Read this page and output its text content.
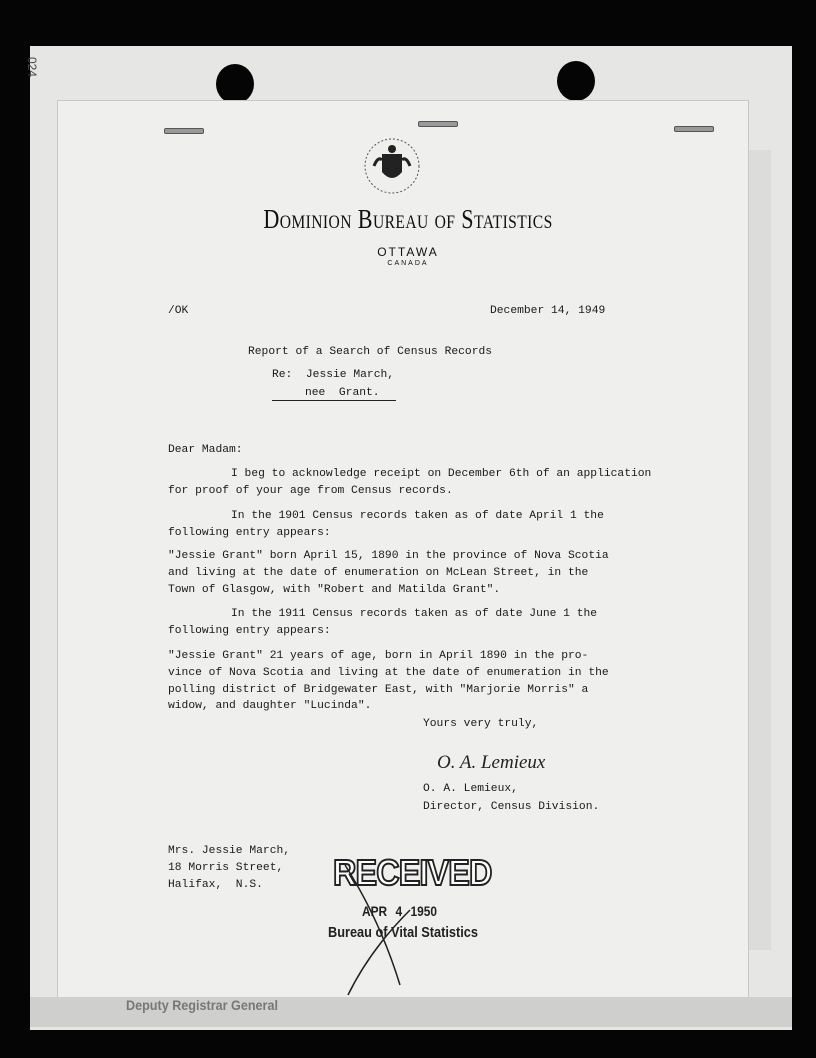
024
Dominion Bureau of Statistics
OTTAWA
CANADA
/OK	December 14, 1949
Report of a Search of Census Records
Re:  Jessie March,
nee  Grant.
Dear Madam:
I beg to acknowledge receipt on December 6th of an application
for proof of your age from Census records.
In the 1901 Census records taken as of date April 1 the
following entry appears:
"Jessie Grant" born April 15, 1890 in the province of Nova Scotia
and living at the date of enumeration on McLean Street, in the
Town of Glasgow, with "Robert and Matilda Grant".
In the 1911 Census records taken as of date June 1 the
following entry appears:
"Jessie Grant" 21 years of age, born in April 1890 in the pro-
vince of Nova Scotia and living at the date of enumeration in the
polling district of Bridgewater East, with "Marjorie Morris" a
widow, and daughter "Lucinda".
Yours very truly,
O. A. Lemieux
O. A. Lemieux,
Director, Census Division.
Mrs. Jessie March,
18 Morris Street,
Halifax,  N.S. RECEIVED
APR 4 1950
Bureau of Vital Statistics
Deputy Registrar General
